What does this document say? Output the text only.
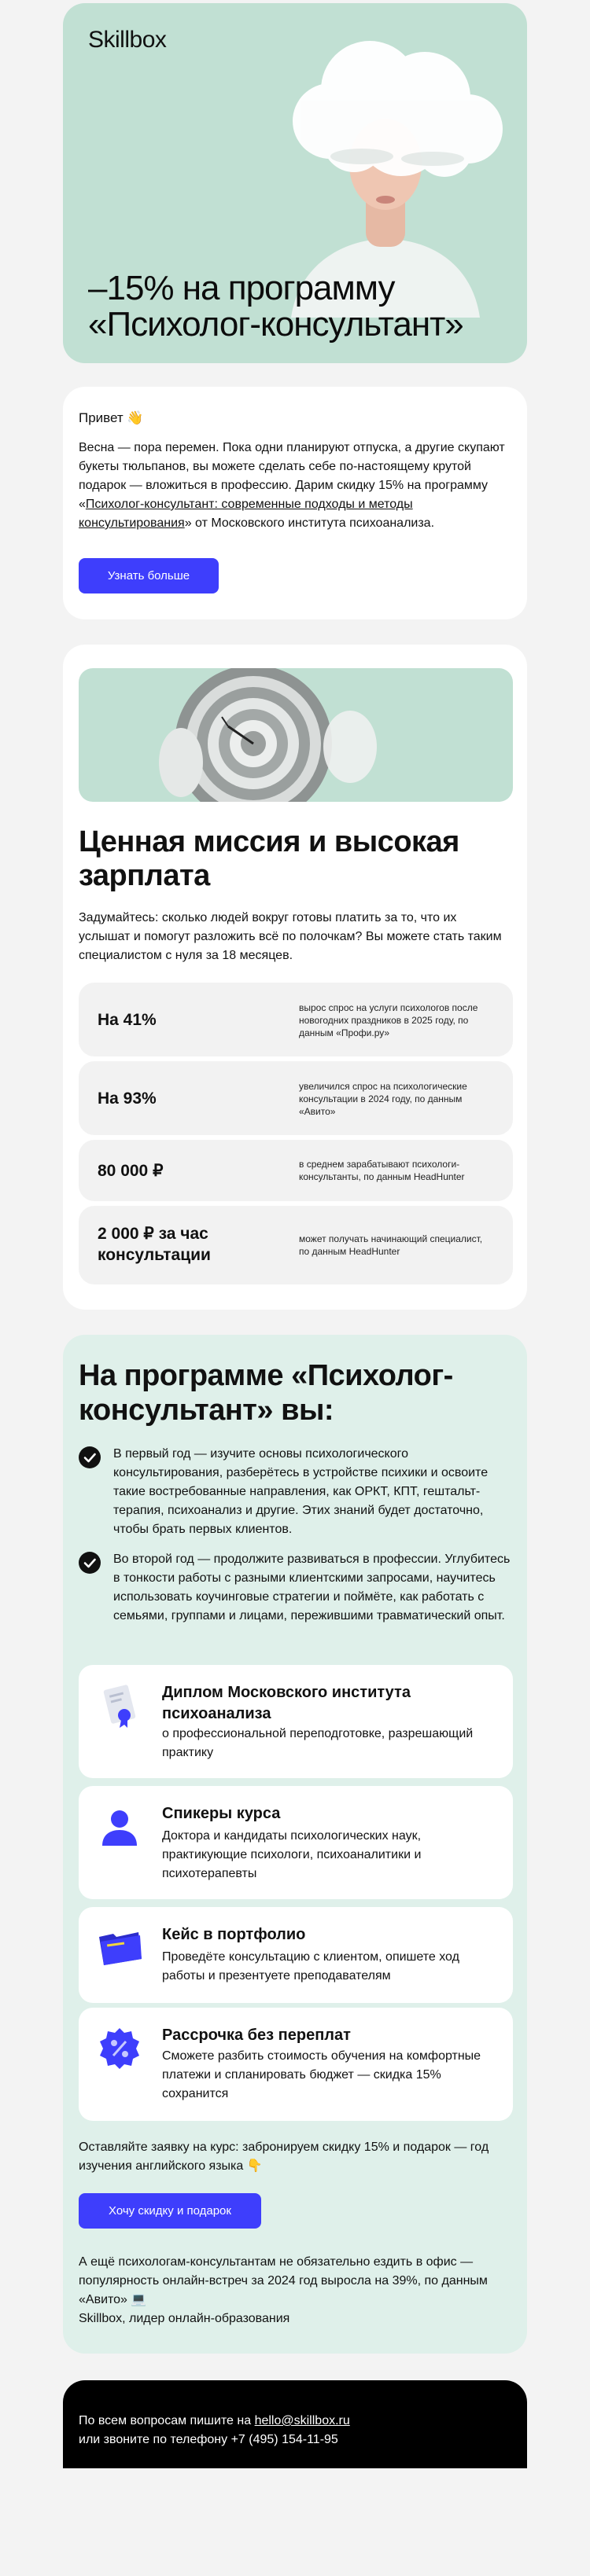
Skillbox
–15% на программу
«Психолог-консультант»
Привет 👋
Весна — пора перемен. Пока одни планируют отпуска, а другие скупают букеты тюльпанов, вы можете сделать себе по-настоящему крутой подарок — вложиться в профессию. Дарим скидку 15% на программу «Психолог-консультант: современные подходы и методы консультирования» от Московского института психоанализа.
Узнать больше
Ценная миссия и высокая зарплата
Задумайтесь: сколько людей вокруг готовы платить за то, что их услышат и помогут разложить всё по полочкам? Вы можете стать таким специалистом с нуля за 18 месяцев.
На 41%
вырос спрос на услуги психологов после новогодних праздников в 2025 году, по данным «Профи.ру»
На 93%
увеличился спрос на психологические консультации в 2024 году, по данным «Авито»
80 000 ₽	в среднем зарабатывают психологи-консультанты, по данным HeadHunter
2 000 ₽ за час консультации
может получать начинающий специалист, по данным HeadHunter
На программе «Психолог-консультант» вы:
В первый год — изучите основы психологического консультирования, разберётесь в устройстве психики и освоите такие востребованные направления, как ОРКТ, КПТ, гештальт-терапия, психоанализ и другие. Этих знаний будет достаточно, чтобы брать первых клиентов.
Во второй год — продолжите развиваться в профессии. Углубитесь в тонкости работы с разными клиентскими запросами, научитесь использовать коучинговые стратегии и поймёте, как работать с семьями, группами и лицами, пережившими травматический опыт.
Диплом Московского института психоанализа
о профессиональной переподготовке, разрешающий практику
Спикеры курса
Доктора и кандидаты психологических наук, практикующие психологи, психоаналитики и психотерапевты
Кейс в портфолио
Проведёте консультацию с клиентом, опишете ход работы и презентуете преподавателям
Рассрочка без переплат
Сможете разбить стоимость обучения на комфортные платежи и спланировать бюджет — скидка 15% сохранится
Оставляйте заявку на курс: забронируем скидку 15% и подарок — год изучения английского языка 👇
Хочу скидку и подарок
А ещё психологам-консультантам не обязательно ездить в офис — популярность онлайн-встреч за 2024 год выросла на 39%, по данным «Авито» 💻
Skillbox, лидер онлайн-образования
По всем вопросам пишите на hello@skillbox.ru
или звоните по телефону +7 (495) 154-11-95
